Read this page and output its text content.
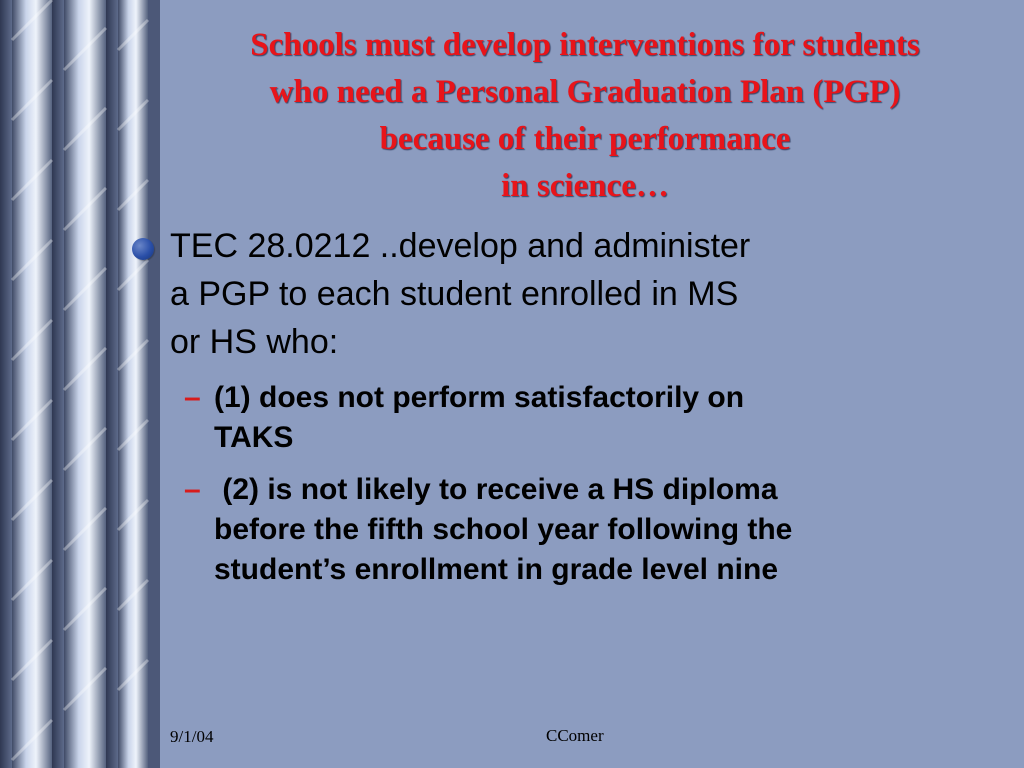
Schools must develop interventions for students
who need a Personal Graduation Plan (PGP)
because of their performance
in science…
TEC 28.0212 ..develop and administer
a PGP to each student enrolled in MS
or HS who:
– (1) does not perform satisfactorily on
TAKS
– (2) is not likely to receive a HS diploma
before the fifth school year following the
student’s enrollment in grade level nine
9/1/04	CComer
